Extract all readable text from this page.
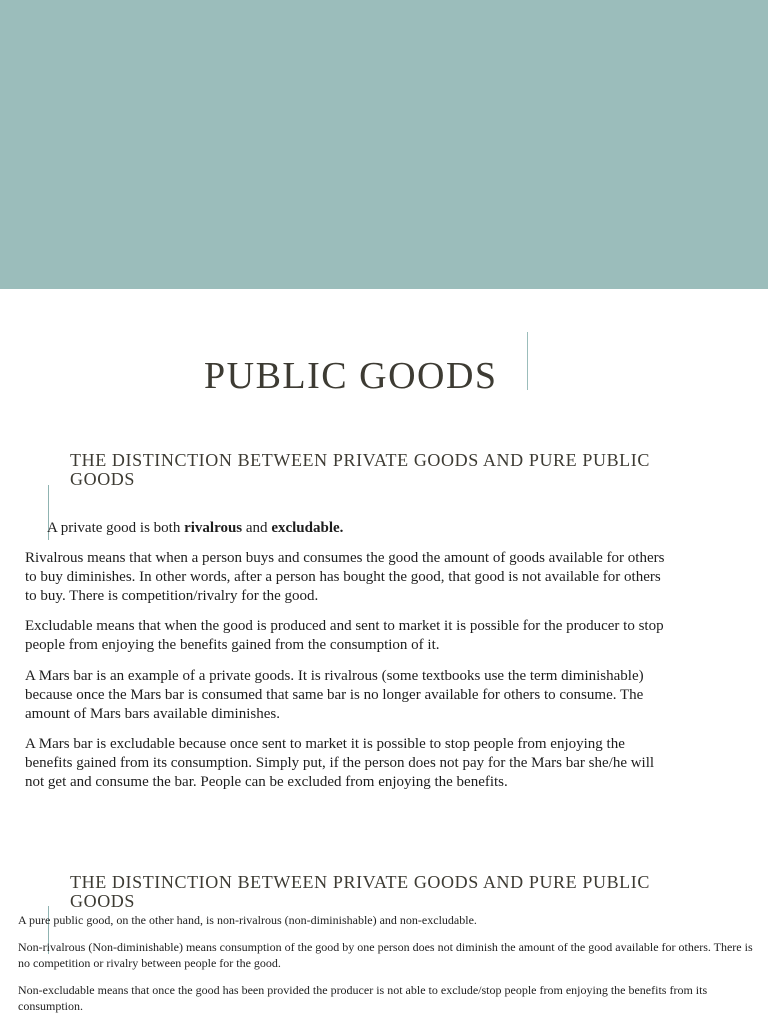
PUBLIC GOODS
THE DISTINCTION BETWEEN PRIVATE GOODS AND PURE PUBLIC GOODS

A private good is both rivalrous and excludable.

Rivalrous means that when a person buys and consumes the good the amount of goods available for others to buy diminishes. In other words, after a person has bought the good, that good is not available for others to buy. There is competition/rivalry for the good.

Excludable means that when the good is produced and sent to market it is possible for the producer to stop people from enjoying the benefits gained from the consumption of it.

A Mars bar is an example of a private goods. It is rivalrous (some textbooks use the term diminishable) because once the Mars bar is consumed that same bar is no longer available for others to consume. The amount of Mars bars available diminishes.

A Mars bar is excludable because once sent to market it is possible to stop people from enjoying the benefits gained from its consumption. Simply put, if the person does not pay for the Mars bar she/he will not get and consume the bar. People can be excluded from enjoying the benefits.

THE DISTINCTION BETWEEN PRIVATE GOODS AND PURE PUBLIC GOODS

A pure public good, on the other hand, is non-rivalrous (non-diminishable) and non-excludable.

Non-rivalrous (Non-diminishable) means consumption of the good by one person does not diminish the amount of the good available for others. There is no competition or rivalry between people for the good.

Non-excludable means that once the good has been provided the producer is not able to exclude/stop people from enjoying the benefits from its consumption.
